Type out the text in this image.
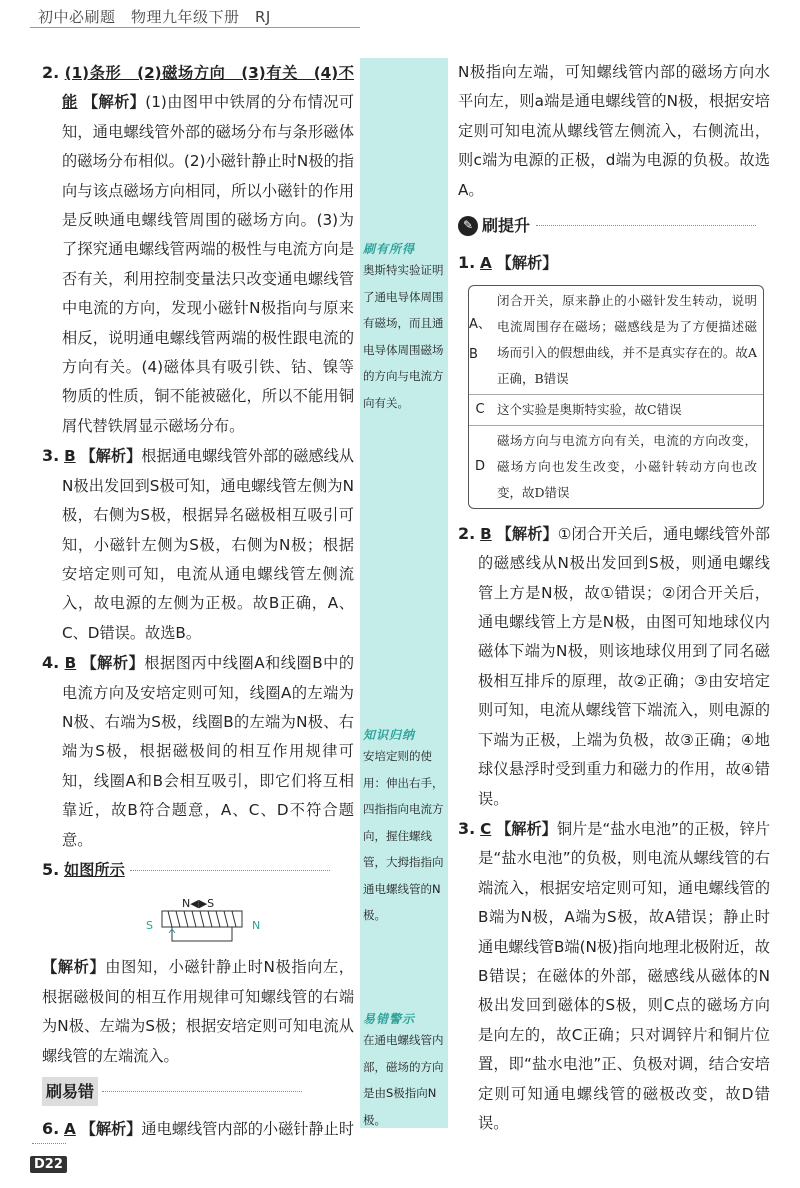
初中必刷题　物理九年级下册　RJ
刷有所得
奥斯特实验证明了通电导体周围有磁场，而且通电导体周围磁场的方向与电流方向有关。
知识归纳
安培定则的使用：伸出右手，四指指向电流方向，握住螺线管，大拇指指向通电螺线管的N极。
易错警示
在通电螺线管内部，磁场的方向是由S极指向N极。

2. (1)条形　(2)磁场方向　(3)有关　(4)不能 【解析】(1)由图甲中铁屑的分布情况可知，通电螺线管外部的磁场分布与条形磁体的磁场分布相似。(2)小磁针静止时N极的指向与该点磁场方向相同，所以小磁针的作用是反映通电螺线管周围的磁场方向。(3)为了探究通电螺线管两端的极性与电流方向是否有关，利用控制变量法只改变通电螺线管中电流的方向，发现小磁针N极指向与原来相反，说明通电螺线管两端的极性跟电流的方向有关。(4)磁体具有吸引铁、钴、镍等物质的性质，铜不能被磁化，所以不能用铜屑代替铁屑显示磁场分布。

3. B 【解析】根据通电螺线管外部的磁感线从N极出发回到S极可知，通电螺线管左侧为N极，右侧为S极，根据异名磁极相互吸引可知，小磁针左侧为S极，右侧为N极；根据安培定则可知，电流从通电螺线管左侧流入，故电源的左侧为正极。故B正确，A、C、D错误。故选B。

4. B 【解析】根据图丙中线圈A和线圈B中的电流方向及安培定则可知，线圈A的左端为N极、右端为S极，线圈B的左端为N极、右端为S极，根据磁极间的相互作用规律可知，线圈A和B会相互吸引，即它们将互相靠近，故B符合题意，A、C、D不符合题意。

5. 如图所示

N◀▶S
S	N

【解析】由图知，小磁针静止时N极指向左，根据磁极间的相互作用规律可知螺线管的右端为N极、左端为S极；根据安培定则可知电流从螺线管的左端流入。

刷易错

6. A 【解析】通电螺线管内部的小磁针静止时

N极指向左端，可知螺线管内部的磁场方向水平向左，则a端是通电螺线管的N极，根据安培定则可知电流从螺线管左侧流入，右侧流出，则c端为电源的正极，d端为电源的负极。故选A。

✎ 刷提升

1. A 【解析】

A、B
闭合开关，原来静止的小磁针发生转动，说明电流周围存在磁场；磁感线是为了方便描述磁场而引入的假想曲线，并不是真实存在的。故A正确，B错误
C 这个实验是奥斯特实验，故C错误
D
磁场方向与电流方向有关，电流的方向改变，磁场方向也发生改变，小磁针转动方向也改变，故D错误

2. B 【解析】①闭合开关后，通电螺线管外部的磁感线从N极出发回到S极，则通电螺线管上方是N极，故①错误；②闭合开关后，通电螺线管上方是N极，由图可知地球仪内磁体下端为N极，则该地球仪用到了同名磁极相互排斥的原理，故②正确；③由安培定则可知，电流从螺线管下端流入，则电源的下端为正极，上端为负极，故③正确；④地球仪悬浮时受到重力和磁力的作用，故④错误。

3. C 【解析】铜片是“盐水电池”的正极，锌片是“盐水电池”的负极，则电流从螺线管的右端流入，根据安培定则可知，通电螺线管的B端为N极，A端为S极，故A错误；静止时通电螺线管B端(N极)指向地理北极附近，故B错误；在磁体的外部，磁感线从磁体的N极出发回到磁体的S极，则C点的磁场方向是向左的，故C正确；只对调锌片和铜片位置，即“盐水电池”正、负极对调，结合安培定则可知通电螺线管的磁极改变，故D错误。

D22
